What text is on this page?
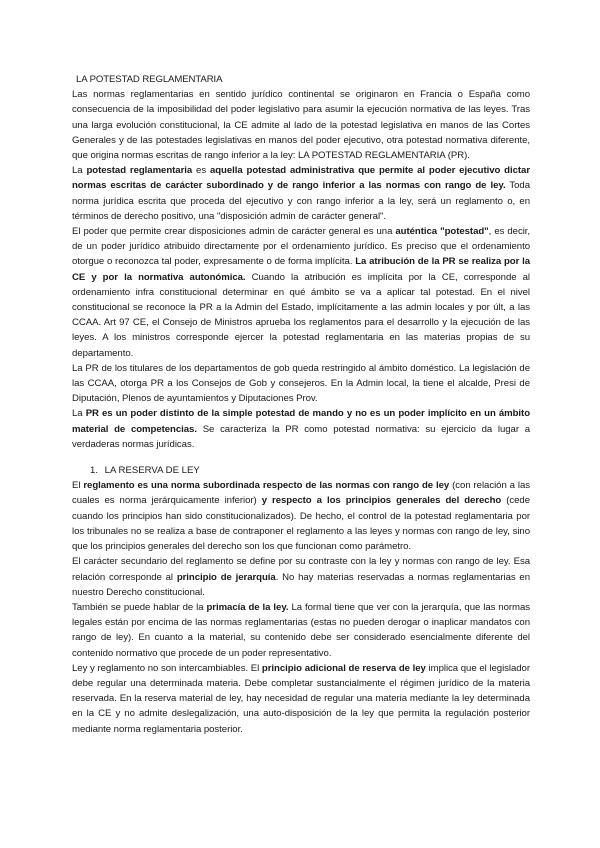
LA POTESTAD REGLAMENTARIA

Las normas reglamentarias en sentido jurídico continental se originaron en Francia o España como consecuencia de la imposibilidad del poder legislativo para asumir la ejecución normativa de las leyes. Tras una larga evolución constitucional, la CE admite al lado de la potestad legislativa en manos de las Cortes Generales y de las potestades legislativas en manos del poder ejecutivo, otra potestad normativa diferente, que origina normas escritas de rango inferior a la ley: LA POTESTAD REGLAMENTARIA (PR).

La potestad reglamentaria es aquella potestad administrativa que permite al poder ejecutivo dictar normas escritas de carácter subordinado y de rango inferior a las normas con rango de ley. Toda norma jurídica escrita que proceda del ejecutivo y con rango inferior a la ley, será un reglamento o, en términos de derecho positivo, una "disposición admin de carácter general".

El poder que permite crear disposiciones admin de carácter general es una auténtica "potestad", es decir, de un poder jurídico atribuido directamente por el ordenamiento jurídico. Es preciso que el ordenamiento otorgue o reconozca tal poder, expresamente o de forma implícita. La atribución de la PR se realiza por la CE y por la normativa autonómica. Cuando la atribución es implícita por la CE, corresponde al ordenamiento infra constitucional determinar en qué ámbito se va a aplicar tal potestad. En el nivel constitucional se reconoce la PR a la Admin del Estado, implícitamente a las admin locales y por últ, a las CCAA. Art 97 CE, el Consejo de Ministros aprueba los reglamentos para el desarrollo y la ejecución de las leyes. A los ministros corresponde ejercer la potestad reglamentaria en las materias propias de su departamento.

La PR de los titulares de los departamentos de gob queda restringido al ámbito doméstico. La legislación de las CCAA, otorga PR a los Consejos de Gob y consejeros. En la Admin local, la tiene el alcalde, Presi de Diputación, Plenos de ayuntamientos y Diputaciones Prov.

La PR es un poder distinto de la simple potestad de mando y no es un poder implícito en un ámbito material de competencias. Se caracteriza la PR como potestad normativa: su ejercicio da lugar a verdaderas normas jurídicas.

1. LA RESERVA DE LEY

El reglamento es una norma subordinada respecto de las normas con rango de ley (con relación a las cuales es norma jerárquicamente inferior) y respecto a los principios generales del derecho (cede cuando los principios han sido constitucionalizados). De hecho, el control de la potestad reglamentaria por los tribunales no se realiza a base de contraponer el reglamento a las leyes y normas con rango de ley, sino que los principios generales del derecho son los que funcionan como parámetro.

El carácter secundario del reglamento se define por su contraste con la ley y normas con rango de ley. Esa relación corresponde al principio de jerarquía. No hay materias reservadas a normas reglamentarias en nuestro Derecho constitucional.

También se puede hablar de la primacía de la ley. La formal tiene que ver con la jerarquía, que las normas legales están por encima de las normas reglamentarias (estas no pueden derogar o inaplicar mandatos con rango de ley). En cuanto a la material, su contenido debe ser considerado esencialmente diferente del contenido normativo que procede de un poder representativo.

Ley y reglamento no son intercambiables. El principio adicional de reserva de ley implica que el legislador debe regular una determinada materia. Debe completar sustancialmente el régimen jurídico de la materia reservada. En la reserva material de ley, hay necesidad de regular una materia mediante la ley determinada en la CE y no admite deslegalización, una auto-disposición de la ley que permita la regulación posterior mediante norma reglamentaria posterior.
